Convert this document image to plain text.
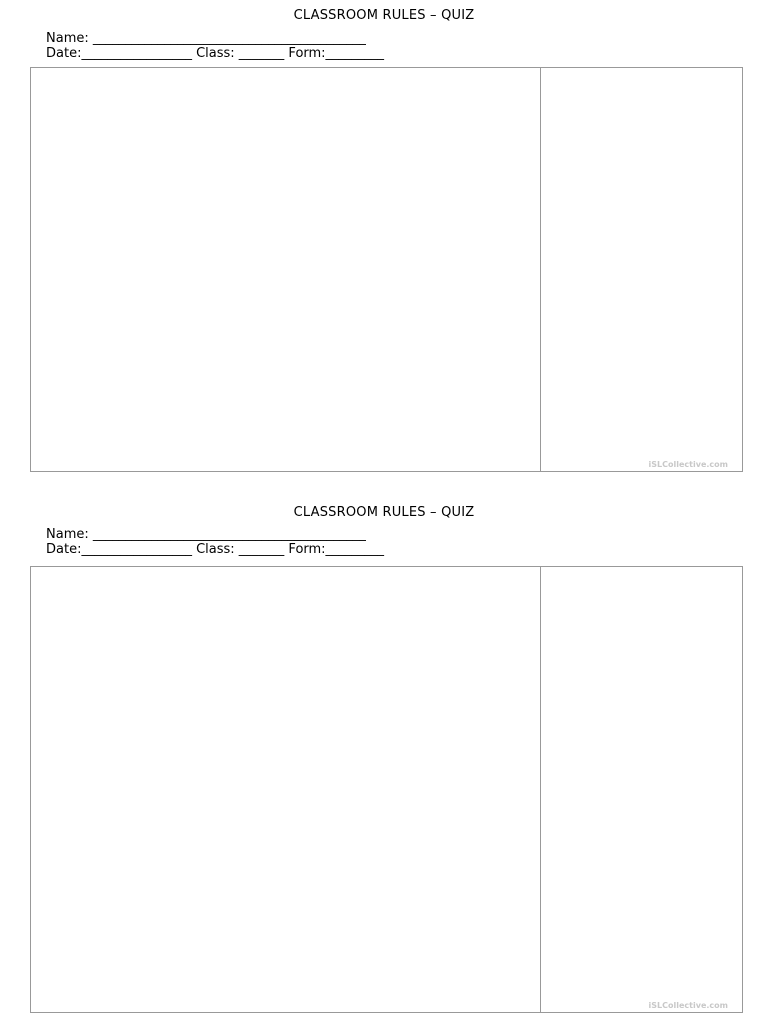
CLASSROOM RULES – QUIZ
Name: __________________________________________
Date:_________________ Class: _______ Form:_________
iSLCollective.com
CLASSROOM RULES – QUIZ
Name: __________________________________________
Date:_________________ Class: _______ Form:_________
iSLCollective.com
